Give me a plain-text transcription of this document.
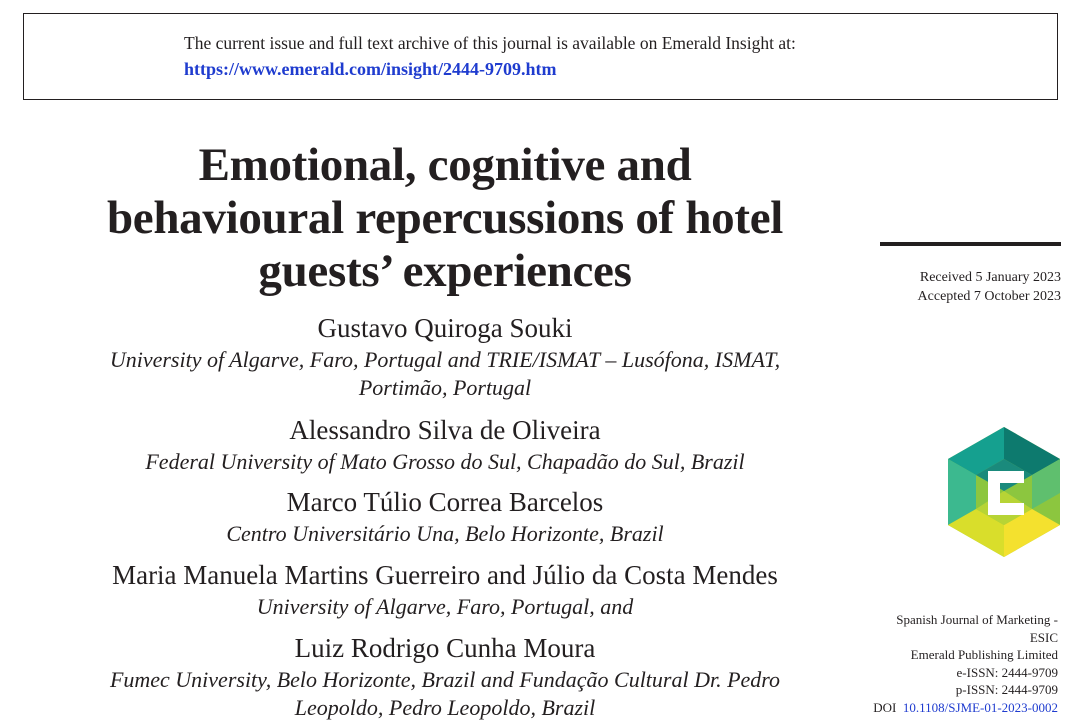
The current issue and full text archive of this journal is available on Emerald Insight at:
https://www.emerald.com/insight/2444-9709.htm
Emotional, cognitive and
behavioural repercussions of hotel
guests’ experiences	Received 5 January 2023
Accepted 7 October 2023
Gustavo Quiroga Souki
University of Algarve, Faro, Portugal and TRIE/ISMAT – Lusófona, ISMAT,
Portimão, Portugal
Alessandro Silva de Oliveira
Federal University of Mato Grosso do Sul, Chapadão do Sul, Brazil
Marco Túlio Correa Barcelos
Centro Universitário Una, Belo Horizonte, Brazil
Maria Manuela Martins Guerreiro and Júlio da Costa Mendes
University of Algarve, Faro, Portugal, and
Luiz Rodrigo Cunha Moura
Fumec University, Belo Horizonte, Brazil and Fundação Cultural Dr. Pedro
Leopoldo, Pedro Leopoldo, Brazil
Spanish Journal of Marketing -
ESIC
Emerald Publishing Limited
e-ISSN: 2444-9709
p-ISSN: 2444-9709
DOI 10.1108/SJME-01-2023-0002
